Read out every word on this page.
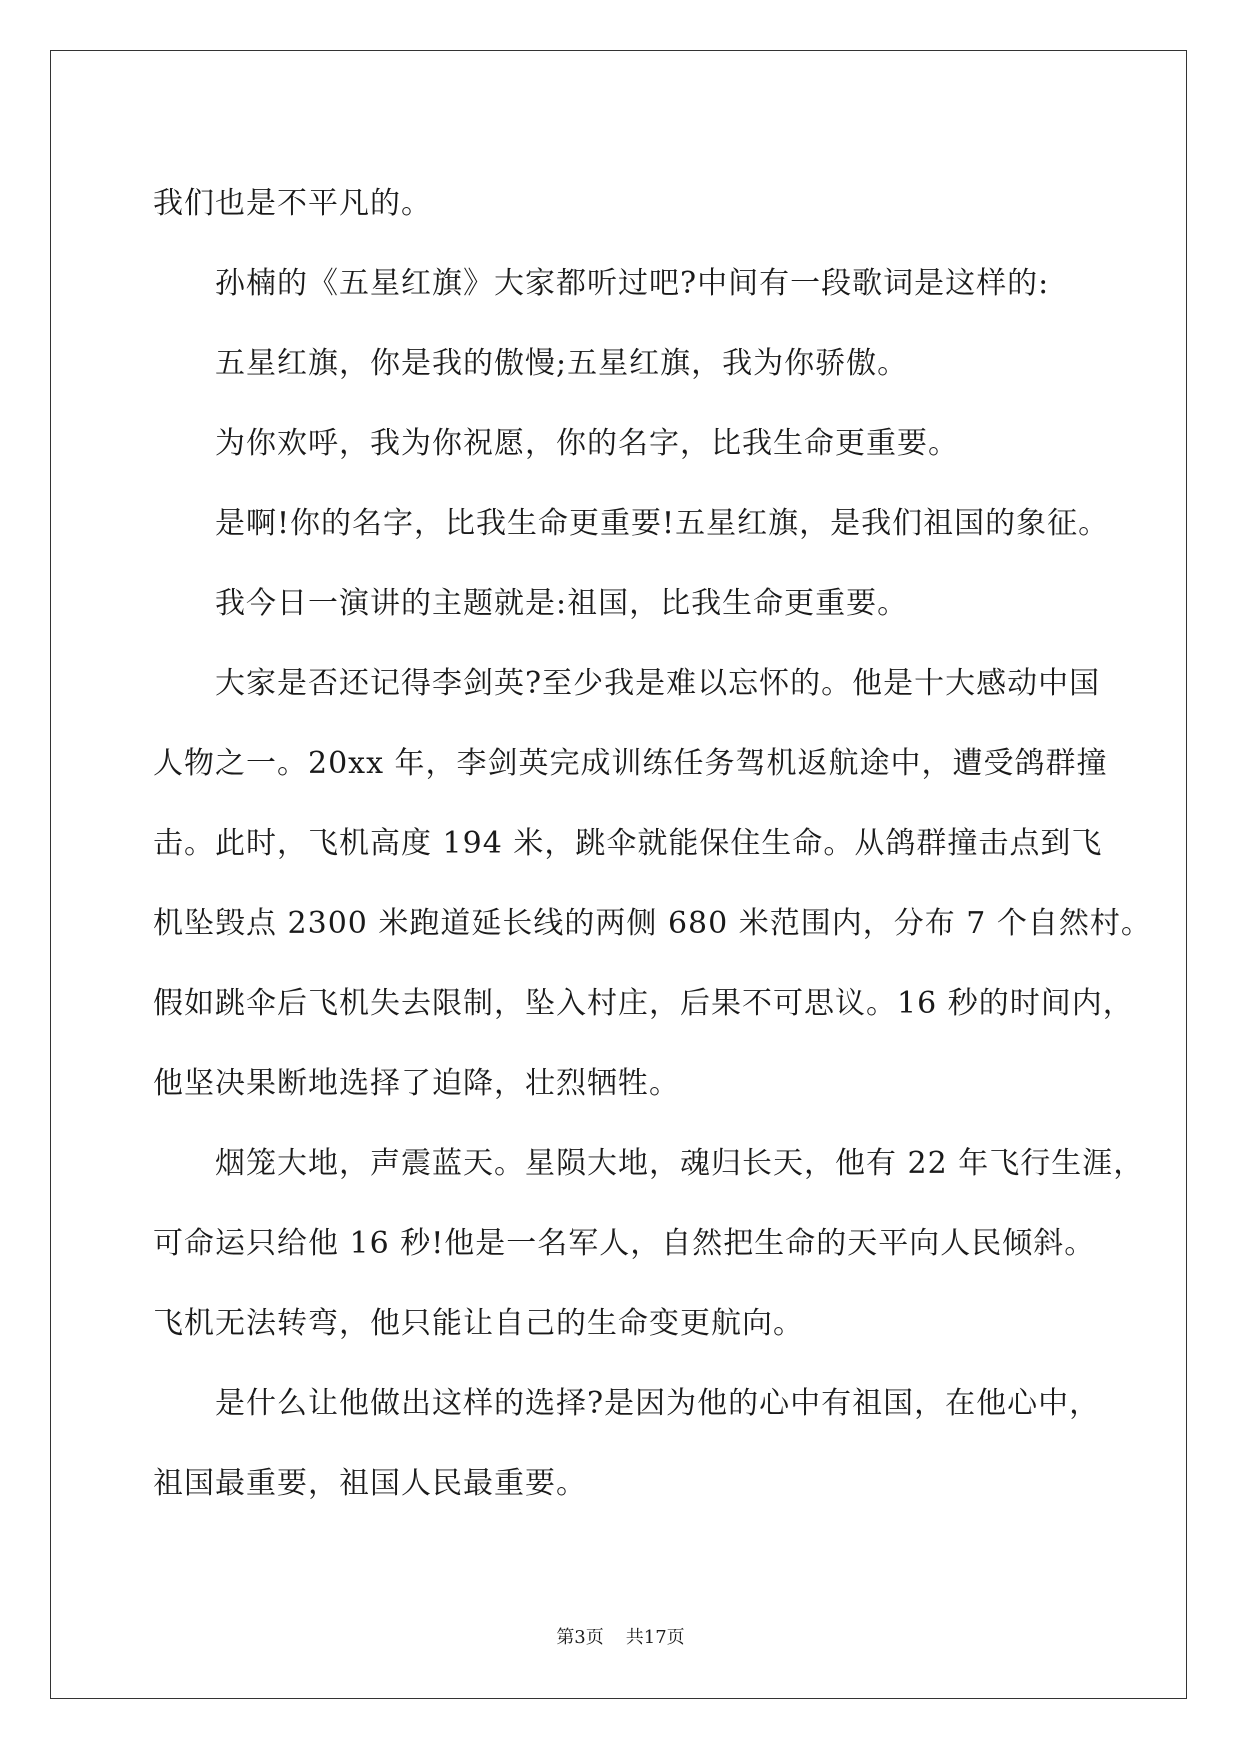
我们也是不平凡的。

孙楠的《五星红旗》大家都听过吧?中间有一段歌词是这样的:

五星红旗，你是我的傲慢;五星红旗，我为你骄傲。

为你欢呼，我为你祝愿，你的名字，比我生命更重要。

是啊!你的名字，比我生命更重要!五星红旗，是我们祖国的象征。

我今日一演讲的主题就是:祖国，比我生命更重要。

大家是否还记得李剑英?至少我是难以忘怀的。他是十大感动中国

人物之一。20xx 年，李剑英完成训练任务驾机返航途中，遭受鸽群撞

击。此时，飞机高度 194 米，跳伞就能保住生命。从鸽群撞击点到飞

机坠毁点 2300 米跑道延长线的两侧 680 米范围内，分布 7 个自然村。

假如跳伞后飞机失去限制，坠入村庄，后果不可思议。16 秒的时间内，

他坚决果断地选择了迫降，壮烈牺牲。

烟笼大地，声震蓝天。星陨大地，魂归长天，他有 22 年飞行生涯，

可命运只给他 16 秒!他是一名军人，自然把生命的天平向人民倾斜。

飞机无法转弯，他只能让自己的生命变更航向。

是什么让他做出这样的选择?是因为他的心中有祖国，在他心中，

祖国最重要，祖国人民最重要。

第3页 共17页
